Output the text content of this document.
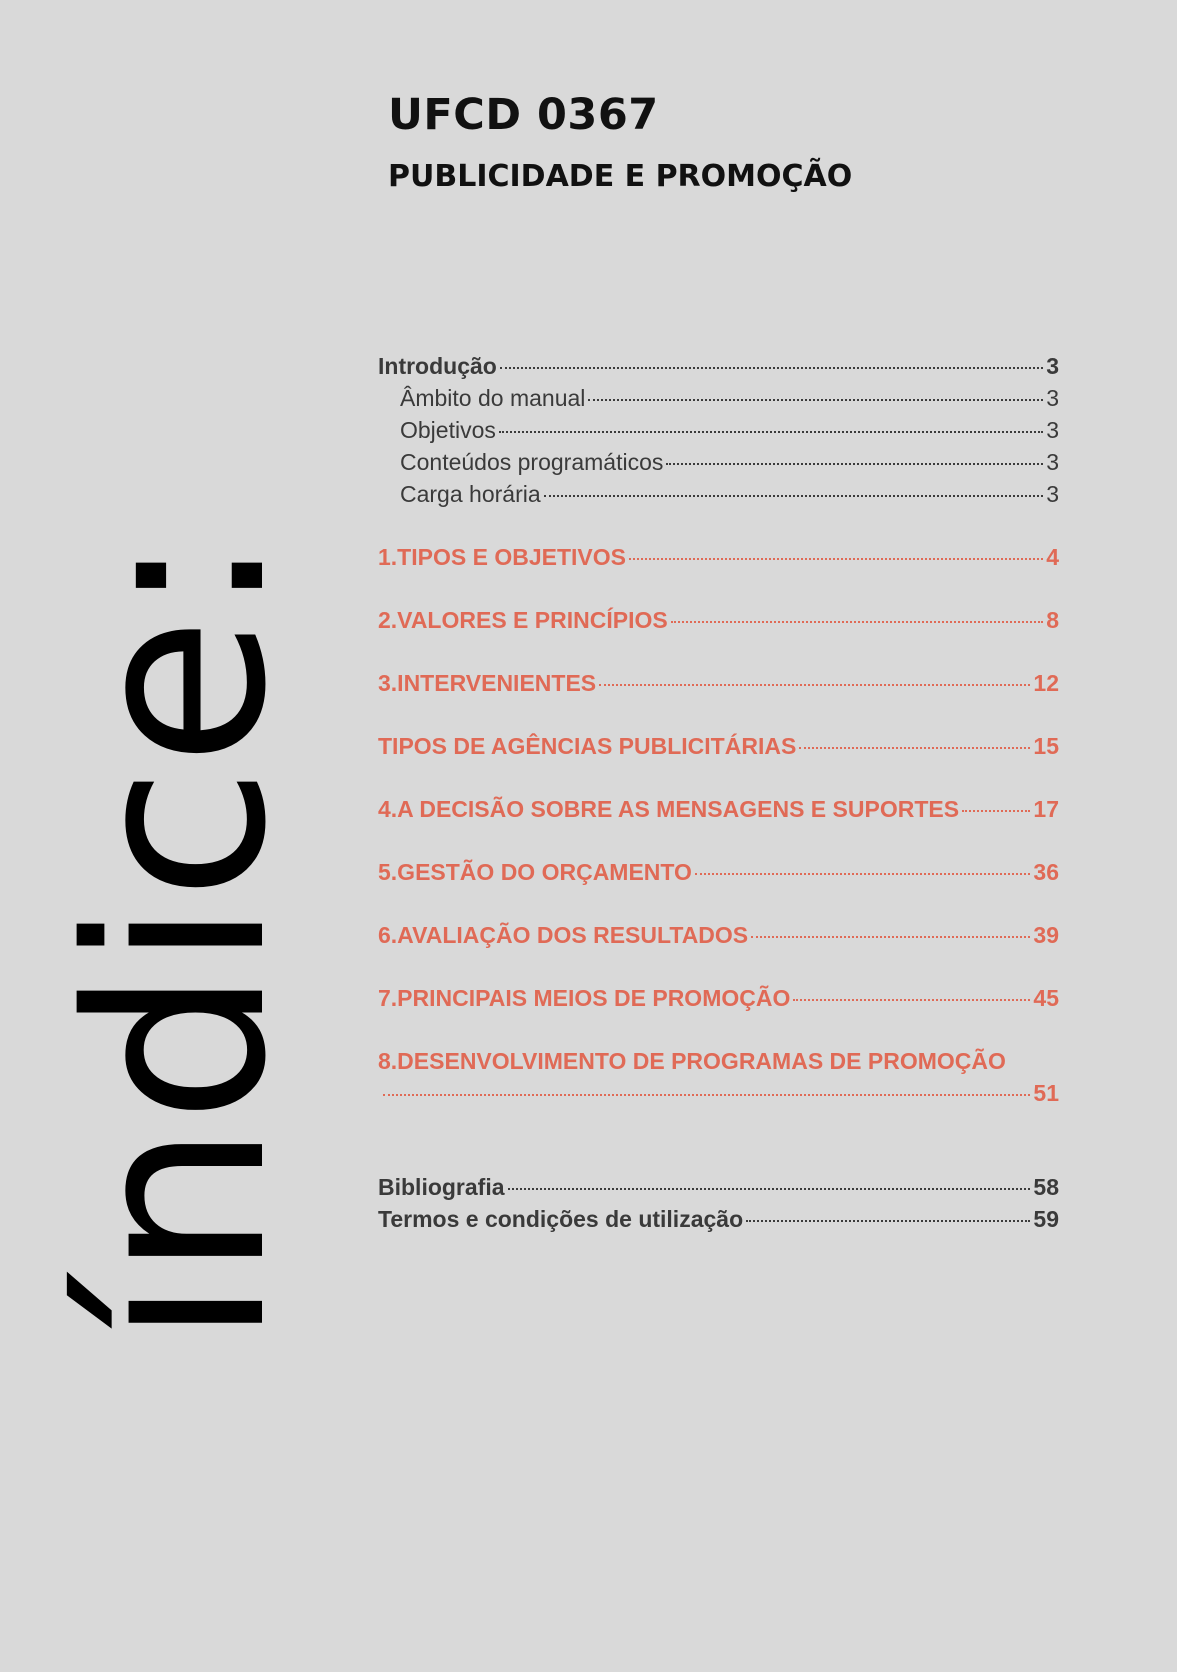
UFCD 0367
PUBLICIDADE E PROMOÇÃO
índice:
Introdução	3
Âmbito do manual	3
Objetivos	3
Conteúdos programáticos	3
Carga horária	3
1.TIPOS E OBJETIVOS	4
2.VALORES E PRINCÍPIOS	8
3.INTERVENIENTES	12
TIPOS DE AGÊNCIAS PUBLICITÁRIAS	15
4.A DECISÃO SOBRE AS MENSAGENS E SUPORTES	17
5.GESTÃO DO ORÇAMENTO	36
6.AVALIAÇÃO DOS RESULTADOS	39
7.PRINCIPAIS MEIOS DE PROMOÇÃO	45
8.DESENVOLVIMENTO DE PROGRAMAS DE PROMOÇÃO
51
Bibliografia	58
Termos e condições de utilização	59
